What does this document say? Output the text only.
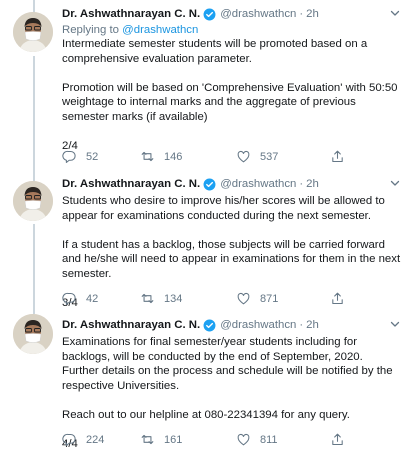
Dr. Ashwathnarayan C. N. @drashwathcn · 2h
Replying to @drashwathcn

Intermediate semester students will be promoted based on a comprehensive evaluation parameter.

Promotion will be based on 'Comprehensive Evaluation' with 50:50 weightage to internal marks and the aggregate of previous semester marks (if available)

2/4

52	146	537
Dr. Ashwathnarayan C. N. @drashwathcn · 2h

Students who desire to improve his/her scores will be allowed to appear for examinations conducted during the next semester.

If a student has a backlog, those subjects will be carried forward and he/she will need to appear in examinations for them in the next semester.

3/4 42	134	871
Dr. Ashwathnarayan C. N. @drashwathcn · 2h

Examinations for final semester/year students including for backlogs, will be conducted by the end of September, 2020. Further details on the process and schedule will be notified by the respective Universities.

Reach out to our helpline at 080-22341394 for any query.

4/4 224	161	811
